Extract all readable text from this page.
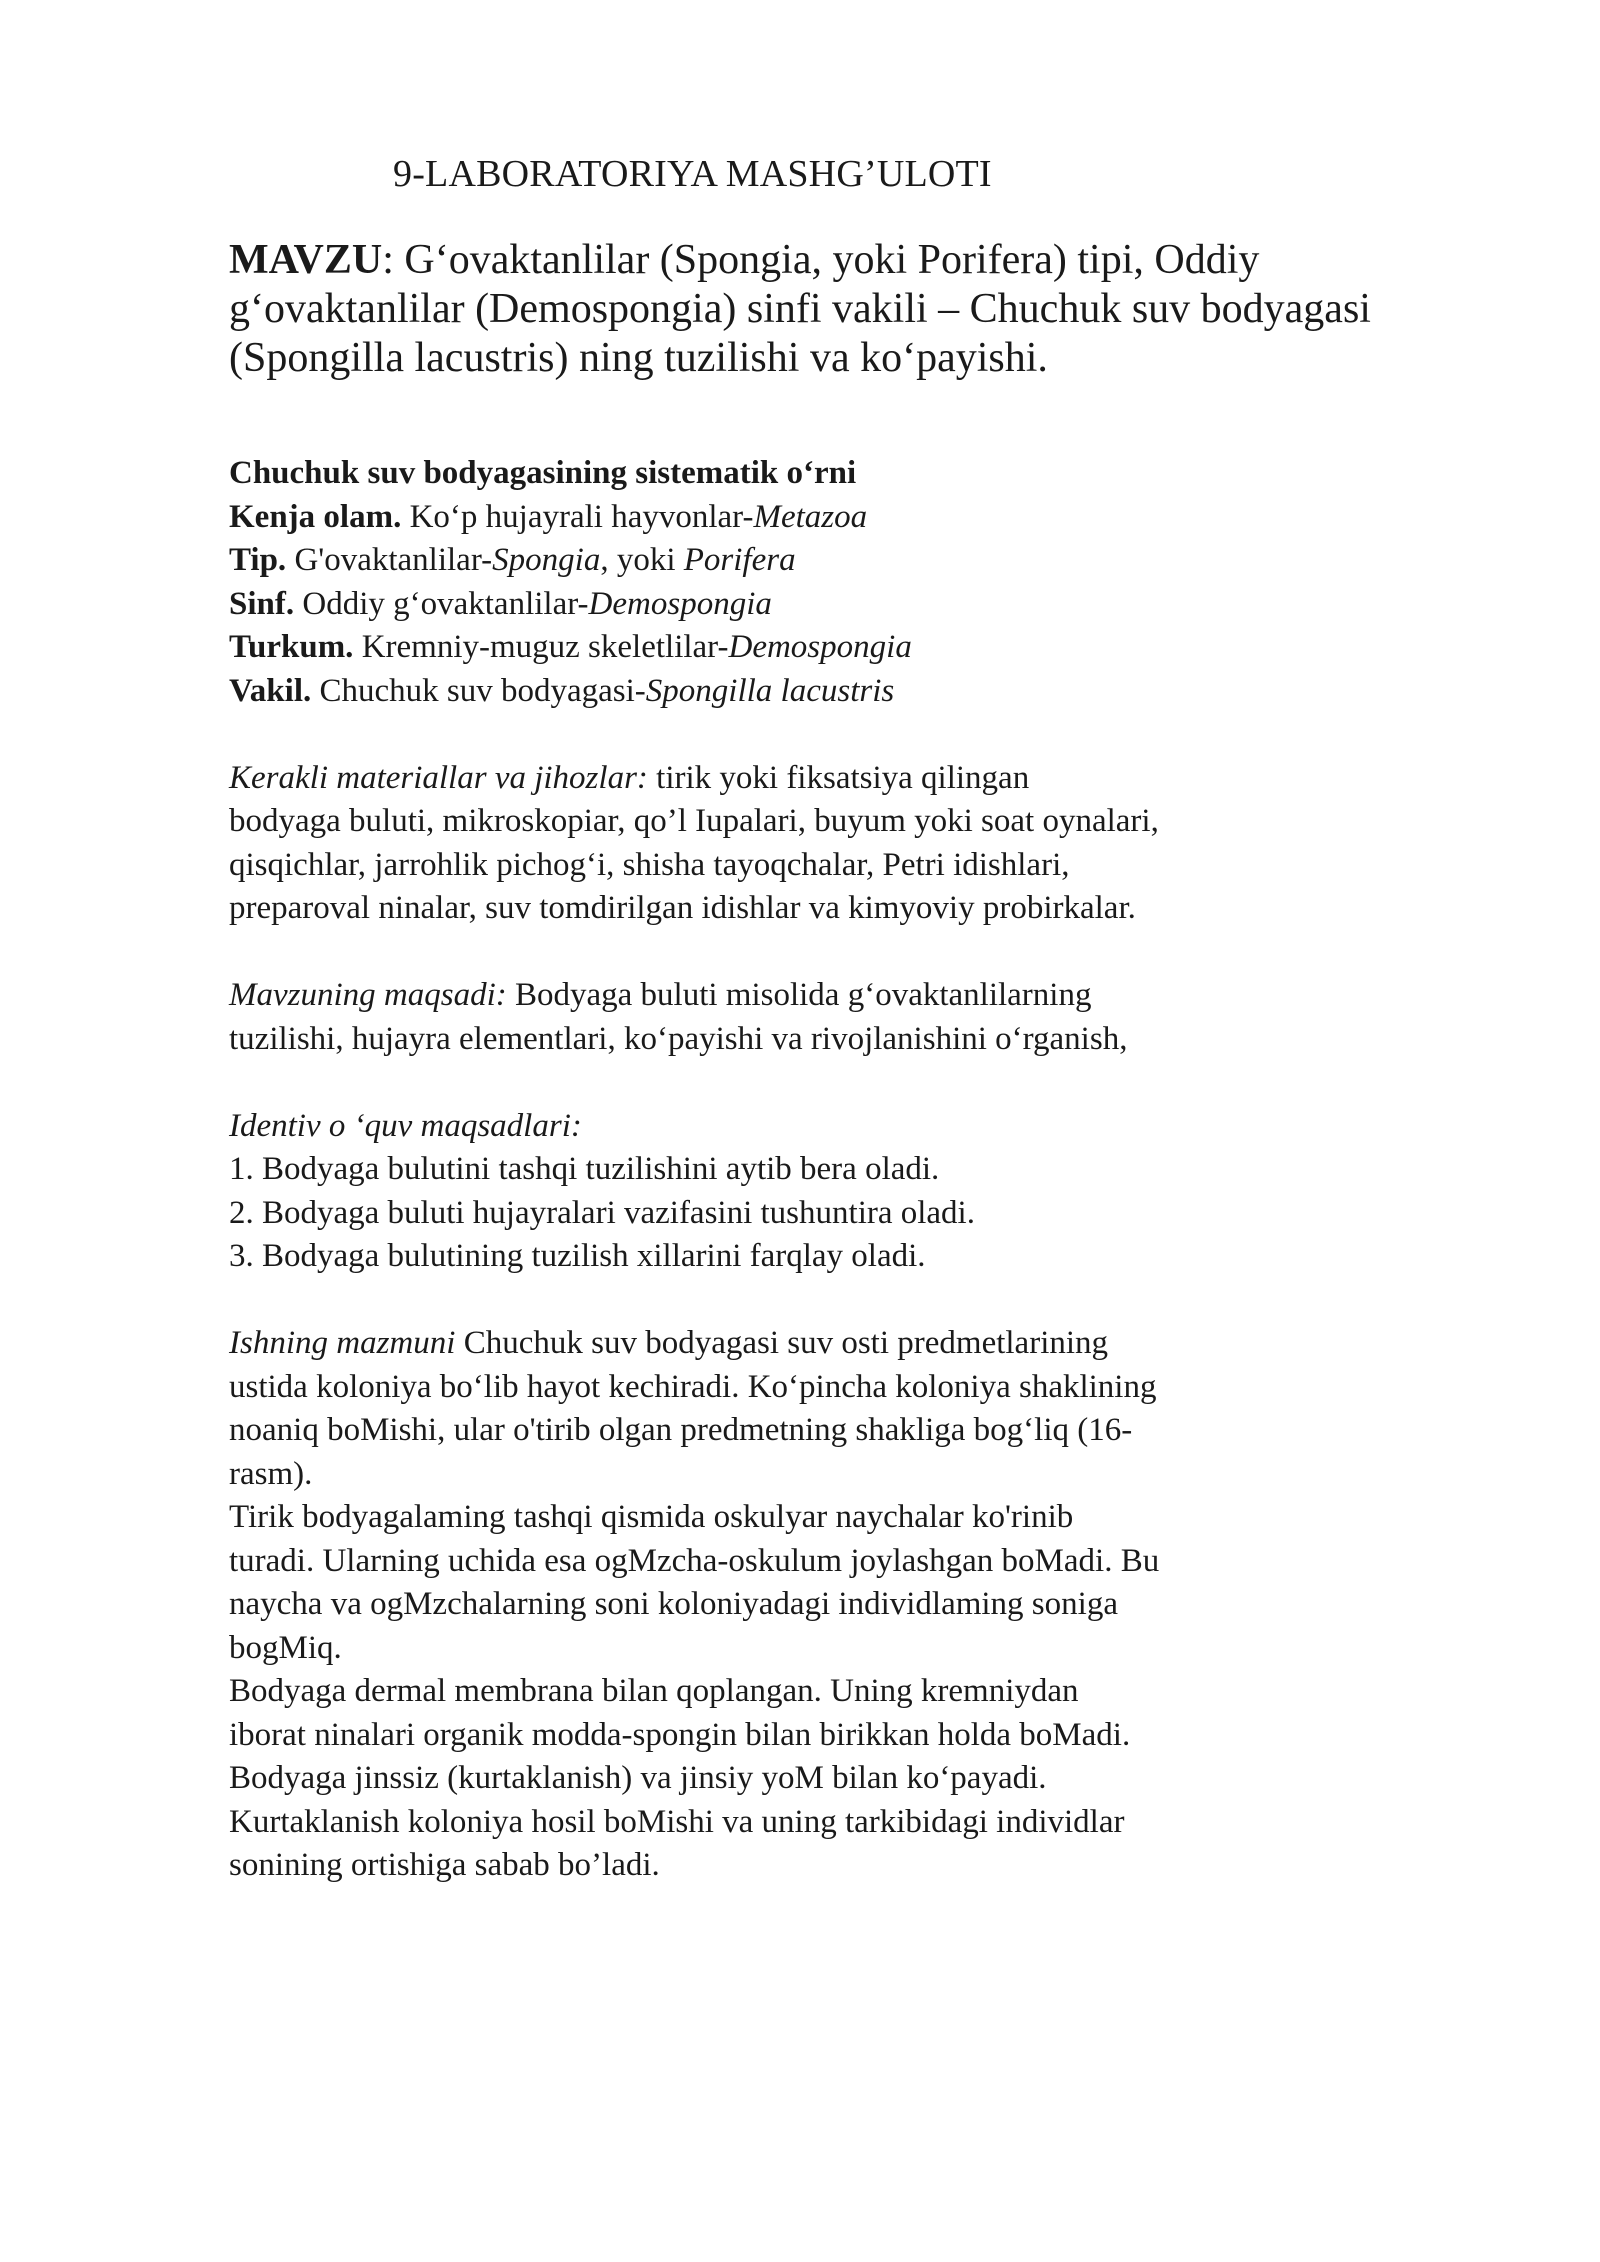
9-LABORATORIYA MASHG’ULOTI
MAVZU: G‘ovaktanlilar (Spongia, yoki Porifera) tipi, Oddiy
g‘ovaktanlilar (Demospongia) sinfi vakili – Chuchuk suv bodyagasi
(Spongilla lacustris) ning tuzilishi va ko‘payishi.
Chuchuk suv bodyagasining sistematik o‘rni
Kenja olam. Ko‘p hujayrali hayvonlar-Metazoa
Tip. G'ovaktanlilar-Spongia, yoki Porifera
Sinf. Oddiy g‘ovaktanlilar-Demospongia
Turkum. Kremniy-muguz skeletlilar-Demospongia
Vakil. Chuchuk suv bodyagasi-Spongilla lacustris
Kerakli materiallar va jihozlar: tirik yoki fiksatsiya qilingan
bodyaga buluti, mikroskopiar, qo’l Iupalari, buyum yoki soat oynalari,
qisqichlar, jarrohlik pichog‘i, shisha tayoqchalar, Petri idishlari,
preparoval ninalar, suv tomdirilgan idishlar va kimyoviy probirkalar.
Mavzuning maqsadi: Bodyaga buluti misolida g‘ovaktanlilarning
tuzilishi, hujayra elementlari, ko‘payishi va rivojlanishini o‘rganish,
Identiv o ‘quv maqsadlari:
1. Bodyaga bulutini tashqi tuzilishini aytib bera oladi.
2. Bodyaga buluti hujayralari vazifasini tushuntira oladi.
3. Bodyaga bulutining tuzilish xillarini farqlay oladi.
Ishning mazmuni Chuchuk suv bodyagasi suv osti predmetlarining
ustida koloniya bo‘lib hayot kechiradi. Ko‘pincha koloniya shaklining
noaniq boMishi, ular o'tirib olgan predmetning shakliga bog‘liq (16-
rasm).
Tirik bodyagalaming tashqi qismida oskulyar naychalar ko'rinib
turadi. Ularning uchida esa ogMzcha-oskulum joylashgan boMadi. Bu
naycha va ogMzchalarning soni koloniyadagi individlaming soniga
bogMiq.
Bodyaga dermal membrana bilan qoplangan. Uning kremniydan
iborat ninalari organik modda-spongin bilan birikkan holda boMadi.
Bodyaga jinssiz (kurtaklanish) va jinsiy yoM bilan ko‘payadi.
Kurtaklanish koloniya hosil boMishi va uning tarkibidagi individlar
sonining ortishiga sabab bo’ladi.
